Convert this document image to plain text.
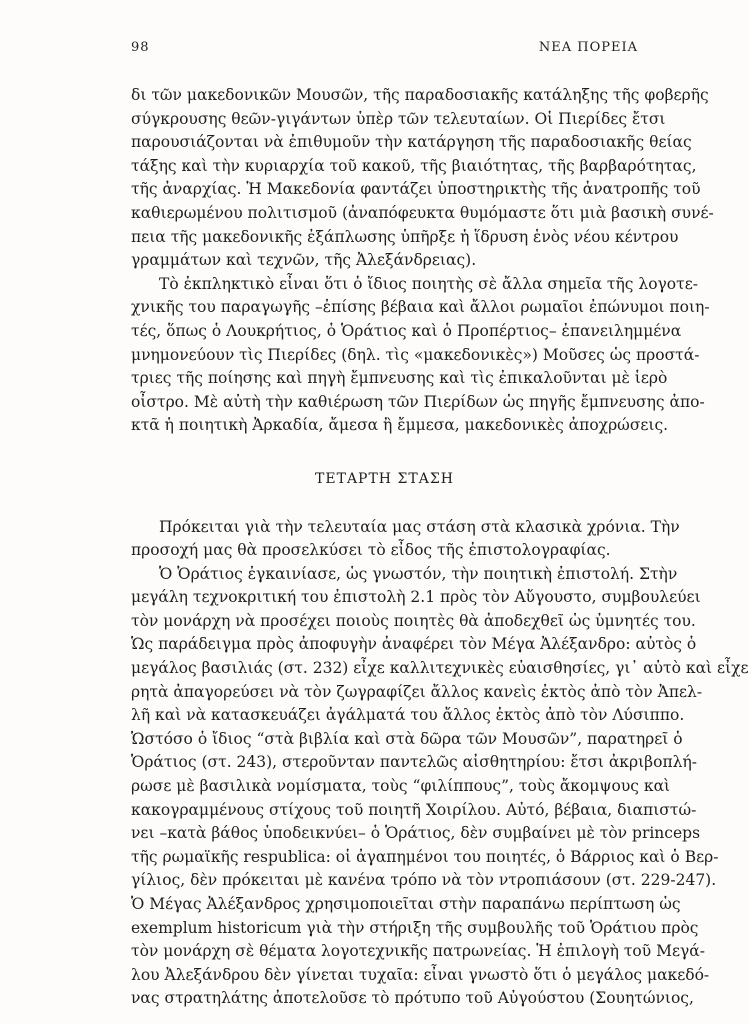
98	ΝΕΑ ΠΟΡΕΙΑ
δι τῶν μακεδονικῶν Μουσῶν, τῆς παραδοσιακῆς κατάληξης τῆς φοβερῆς
σύγκρουσης θεῶν-γιγάντων ὑπὲρ τῶν τελευταίων. Οἱ Πιερίδες ἔτσι
παρουσιάζονται νὰ ἐπιθυμοῦν τὴν κατάργηση τῆς παραδοσιακῆς θείας
τάξης καὶ τὴν κυριαρχία τοῦ κακοῦ, τῆς βιαιότητας, τῆς βαρβαρότητας,
τῆς ἀναρχίας. Ἡ Μακεδονία φαντάζει ὑποστηρικτὴς τῆς ἀνατροπῆς τοῦ
καθιερωμένου πολιτισμοῦ (ἀναπόφευκτα θυμόμαστε ὅτι μιὰ βασικὴ συνέ-
πεια τῆς μακεδονικῆς ἐξάπλωσης ὑπῆρξε ἡ ἵδρυση ἑνὸς νέου κέντρου
γραμμάτων καὶ τεχνῶν, τῆς Ἀλεξάνδρειας).
Τὸ ἐκπληκτικὸ εἶναι ὅτι ὁ ἴδιος ποιητὴς σὲ ἄλλα σημεῖα τῆς λογοτε-
χνικῆς του παραγωγῆς –ἐπίσης βέβαια καὶ ἄλλοι ρωμαῖοι ἐπώνυμοι ποιη-
τές, ὅπως ὁ Λουκρήτιος, ὁ Ὁράτιος καὶ ὁ Προπέρτιος– ἐπανειλημμένα
μνημονεύουν τὶς Πιερίδες (δηλ. τὶς «μακεδονικὲς») Μοῦσες ὡς προστά-
τριες τῆς ποίησης καὶ πηγὴ ἔμπνευσης καὶ τὶς ἐπικαλοῦνται μὲ ἱερὸ
οἶστρο. Μὲ αὐτὴ τὴν καθιέρωση τῶν Πιερίδων ὡς πηγῆς ἔμπνευσης ἀπο-
κτᾶ ἡ ποιητικὴ Ἀρκαδία, ἄμεσα ἢ ἔμμεσα, μακεδονικὲς ἀποχρώσεις.
ΤΕΤΑΡΤΗ ΣΤΑΣΗ
Πρόκειται γιὰ τὴν τελευταία μας στάση στὰ κλασικὰ χρόνια. Τὴν
προσοχή μας θὰ προσελκύσει τὸ εἶδος τῆς ἐπιστολογραφίας.
Ὁ Ὁράτιος ἐγκαινίασε, ὡς γνωστόν, τὴν ποιητικὴ ἐπιστολή. Στὴν
μεγάλη τεχνοκριτική του ἐπιστολὴ 2.1 πρὸς τὸν Αὔγουστο, συμβουλεύει
τὸν μονάρχη νὰ προσέχει ποιοὺς ποιητὲς θὰ ἀποδεχθεῖ ὡς ὑμνητές του.
Ὡς παράδειγμα πρὸς ἀποφυγὴν ἀναφέρει τὸν Μέγα Ἀλέξανδρο: αὐτὸς ὁ
μεγάλος βασιλιάς (στ. 232) εἶχε καλλιτεχνικὲς εὐαισθησίες, γι᾽ αὐτὸ καὶ εἶχε
ρητὰ ἀπαγορεύσει νὰ τὸν ζωγραφίζει ἄλλος κανεὶς ἐκτὸς ἀπὸ τὸν Ἀπελ-
λῆ καὶ νὰ κατασκευάζει ἀγάλματά του ἄλλος ἐκτὸς ἀπὸ τὸν Λύσιππο.
Ὡστόσο ὁ ἴδιος “στὰ βιβλία καὶ στὰ δῶρα τῶν Μουσῶν”, παρατηρεῖ ὁ
Ὁράτιος (στ. 243), στεροῦνταν παντελῶς αἰσθητηρίου: ἔτσι ἀκριβοπλή-
ρωσε μὲ βασιλικὰ νομίσματα, τοὺς “φιλίππους”, τοὺς ἄκομψους καὶ
κακογραμμένους στίχους τοῦ ποιητῆ Χοιρίλου. Αὐτό, βέβαια, διαπιστώ-
νει –κατὰ βάθος ὑποδεικνύει– ὁ Ὁράτιος, δὲν συμβαίνει μὲ τὸν princeps
τῆς ρωμαϊκῆς respublica: οἱ ἀγαπημένοι του ποιητές, ὁ Βάρριος καὶ ὁ Βερ-
γίλιος, δὲν πρόκειται μὲ κανένα τρόπο νὰ τὸν ντροπιάσουν (στ. 229-247).
Ὁ Μέγας Ἀλέξανδρος χρησιμοποιεῖται στὴν παραπάνω περίπτωση ὡς
exemplum historicum γιὰ τὴν στήριξη τῆς συμβουλῆς τοῦ Ὁράτιου πρὸς
τὸν μονάρχη σὲ θέματα λογοτεχνικῆς πατρωνείας. Ἡ ἐπιλογὴ τοῦ Μεγά-
λου Ἀλεξάνδρου δὲν γίνεται τυχαῖα: εἶναι γνωστὸ ὅτι ὁ μεγάλος μακεδό-
νας στρατηλάτης ἀποτελοῦσε τὸ πρότυπο τοῦ Αὐγούστου (Σουητώνιος,
